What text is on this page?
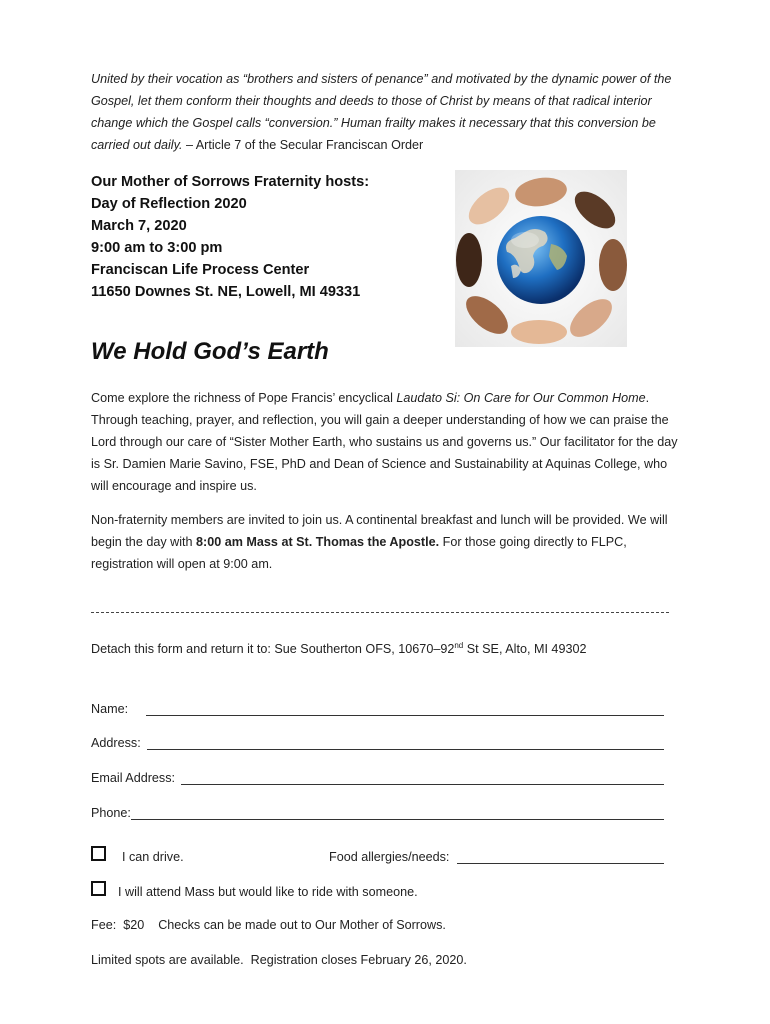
United by their vocation as “brothers and sisters of penance” and motivated by the dynamic power of the Gospel, let them conform their thoughts and deeds to those of Christ by means of that radical interior change which the Gospel calls “conversion.” Human frailty makes it necessary that this conversion be carried out daily. – Article 7 of the Secular Franciscan Order
Our Mother of Sorrows Fraternity hosts:
Day of Reflection 2020
March 7, 2020
9:00 am to 3:00 pm
Franciscan Life Process Center
11650 Downes St. NE, Lowell, MI 49331
We Hold God’s Earth
Come explore the richness of Pope Francis’ encyclical Laudato Si: On Care for Our Common Home. Through teaching, prayer, and reflection, you will gain a deeper understanding of how we can praise the Lord through our care of “Sister Mother Earth, who sustains us and governs us.” Our facilitator for the day is Sr. Damien Marie Savino, FSE, PhD and Dean of Science and Sustainability at Aquinas College, who will encourage and inspire us.
Non-fraternity members are invited to join us. A continental breakfast and lunch will be provided. We will begin the day with 8:00 am Mass at St. Thomas the Apostle. For those going directly to FLPC, registration will open at 9:00 am.
Detach this form and return it to: Sue Southerton OFS, 10670–92nd St SE, Alto, MI 49302
Name:
Address:
Email Address:
Phone:
I can drive.	Food allergies/needs:
I will attend Mass but would like to ride with someone.
Fee:  $20    Checks can be made out to Our Mother of Sorrows.
Limited spots are available.  Registration closes February 26, 2020.
